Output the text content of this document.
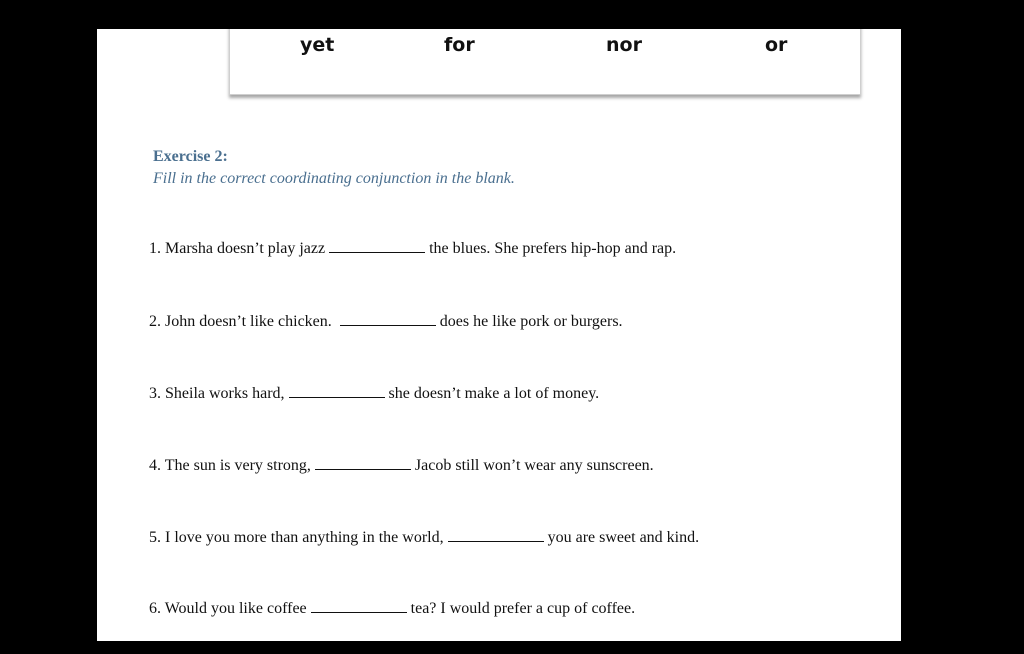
yet	for	nor	or
Exercise 2:
Fill in the correct coordinating conjunction in the blank.
1. Marsha doesn’t play jazz	the blues. She prefers hip-hop and rap.
2. John doesn’t like chicken.	does he like pork or burgers.
3. Sheila works hard,	she doesn’t make a lot of money.
4. The sun is very strong,	Jacob still won’t wear any sunscreen.
5. I love you more than anything in the world,	you are sweet and kind.
6. Would you like coffee	tea? I would prefer a cup of coffee.
